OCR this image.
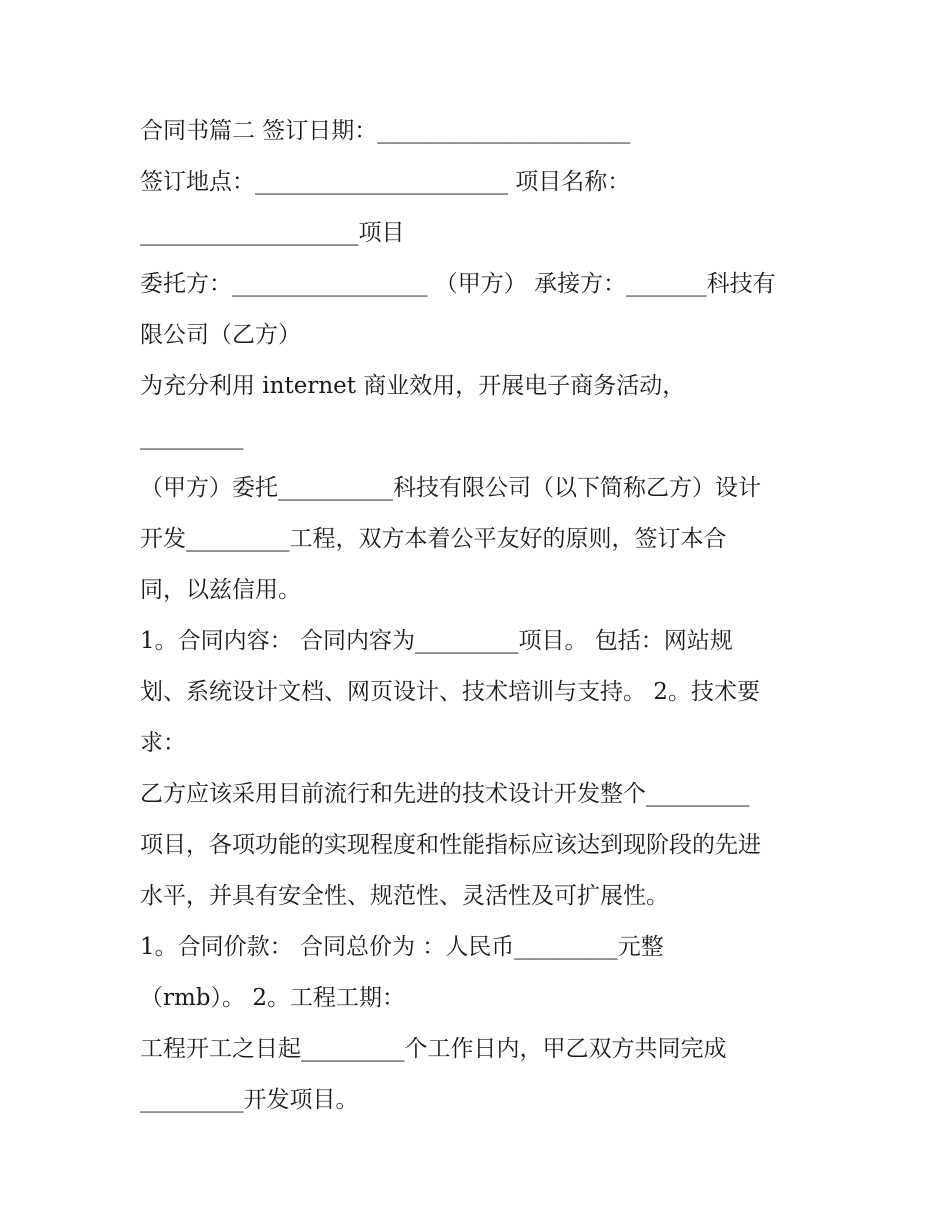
合同书篇二 签订日期：______________________

签订地点：______________________ 项目名称：

___________________项目

委托方：_________________ （甲方） 承接方：_______科技有

限公司（乙方）

为充分利用 internet 商业效用，开展电子商务活动，

_________

（甲方）委托__________科技有限公司（以下简称乙方）设计

开发_________工程，双方本着公平友好的原则，签订本合

同，以兹信用。

1。合同内容： 合同内容为_________项目。 包括：网站规

划、系统设计文档、网页设计、技术培训与支持。 2。技术要

求：

乙方应该采用目前流行和先进的技术设计开发整个_________

项目，各项功能的实现程度和性能指标应该达到现阶段的先进

水平，并具有安全性、规范性、灵活性及可扩展性。

1。合同价款： 合同总价为 ：人民币_________元整

（rmb）。 2。工程工期：

工程开工之日起_________个工作日内，甲乙双方共同完成

_________开发项目。
